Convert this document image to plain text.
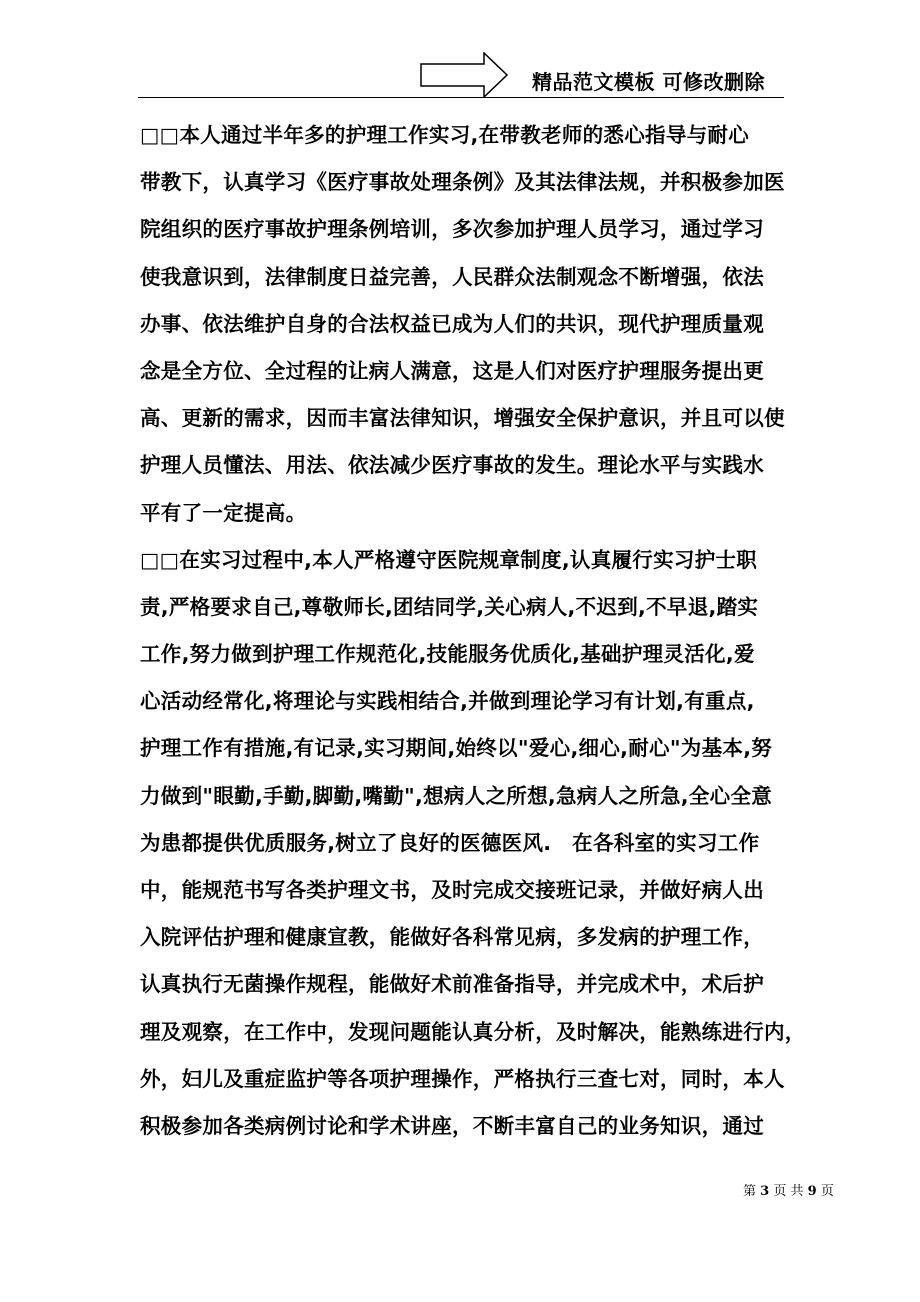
精品范文模板 可修改删除
□□本人通过半年多的护理工作实习,在带教老师的悉心指导与耐心
带教下，认真学习《医疗事故处理条例》及其法律法规，并积极参加医
院组织的医疗事故护理条例培训，多次参加护理人员学习，通过学习
使我意识到，法律制度日益完善，人民群众法制观念不断增强，依法
办事、依法维护自身的合法权益已成为人们的共识，现代护理质量观
念是全方位、全过程的让病人满意，这是人们对医疗护理服务提出更
高、更新的需求，因而丰富法律知识，增强安全保护意识，并且可以使
护理人员懂法、用法、依法减少医疗事故的发生。理论水平与实践水
平有了一定提高。
□□在实习过程中,本人严格遵守医院规章制度,认真履行实习护士职
责,严格要求自己,尊敬师长,团结同学,关心病人,不迟到,不早退,踏实
工作,努力做到护理工作规范化,技能服务优质化,基础护理灵活化,爱
心活动经常化,将理论与实践相结合,并做到理论学习有计划,有重点,
护理工作有措施,有记录,实习期间,始终以"爱心,细心,耐心"为基本,努
力做到"眼勤,手勤,脚勤,嘴勤",想病人之所想,急病人之所急,全心全意
为患都提供优质服务,树立了良好的医德医风.　在各科室的实习工作
中，能规范书写各类护理文书，及时完成交接班记录，并做好病人出
入院评估护理和健康宣教，能做好各科常见病，多发病的护理工作，
认真执行无菌操作规程，能做好术前准备指导，并完成术中，术后护
理及观察，在工作中，发现问题能认真分析，及时解决，能熟练进行内，
外，妇儿及重症监护等各项护理操作，严格执行三查七对，同时，本人
积极参加各类病例讨论和学术讲座，不断丰富自己的业务知识，通过
第 3 页 共 9 页
